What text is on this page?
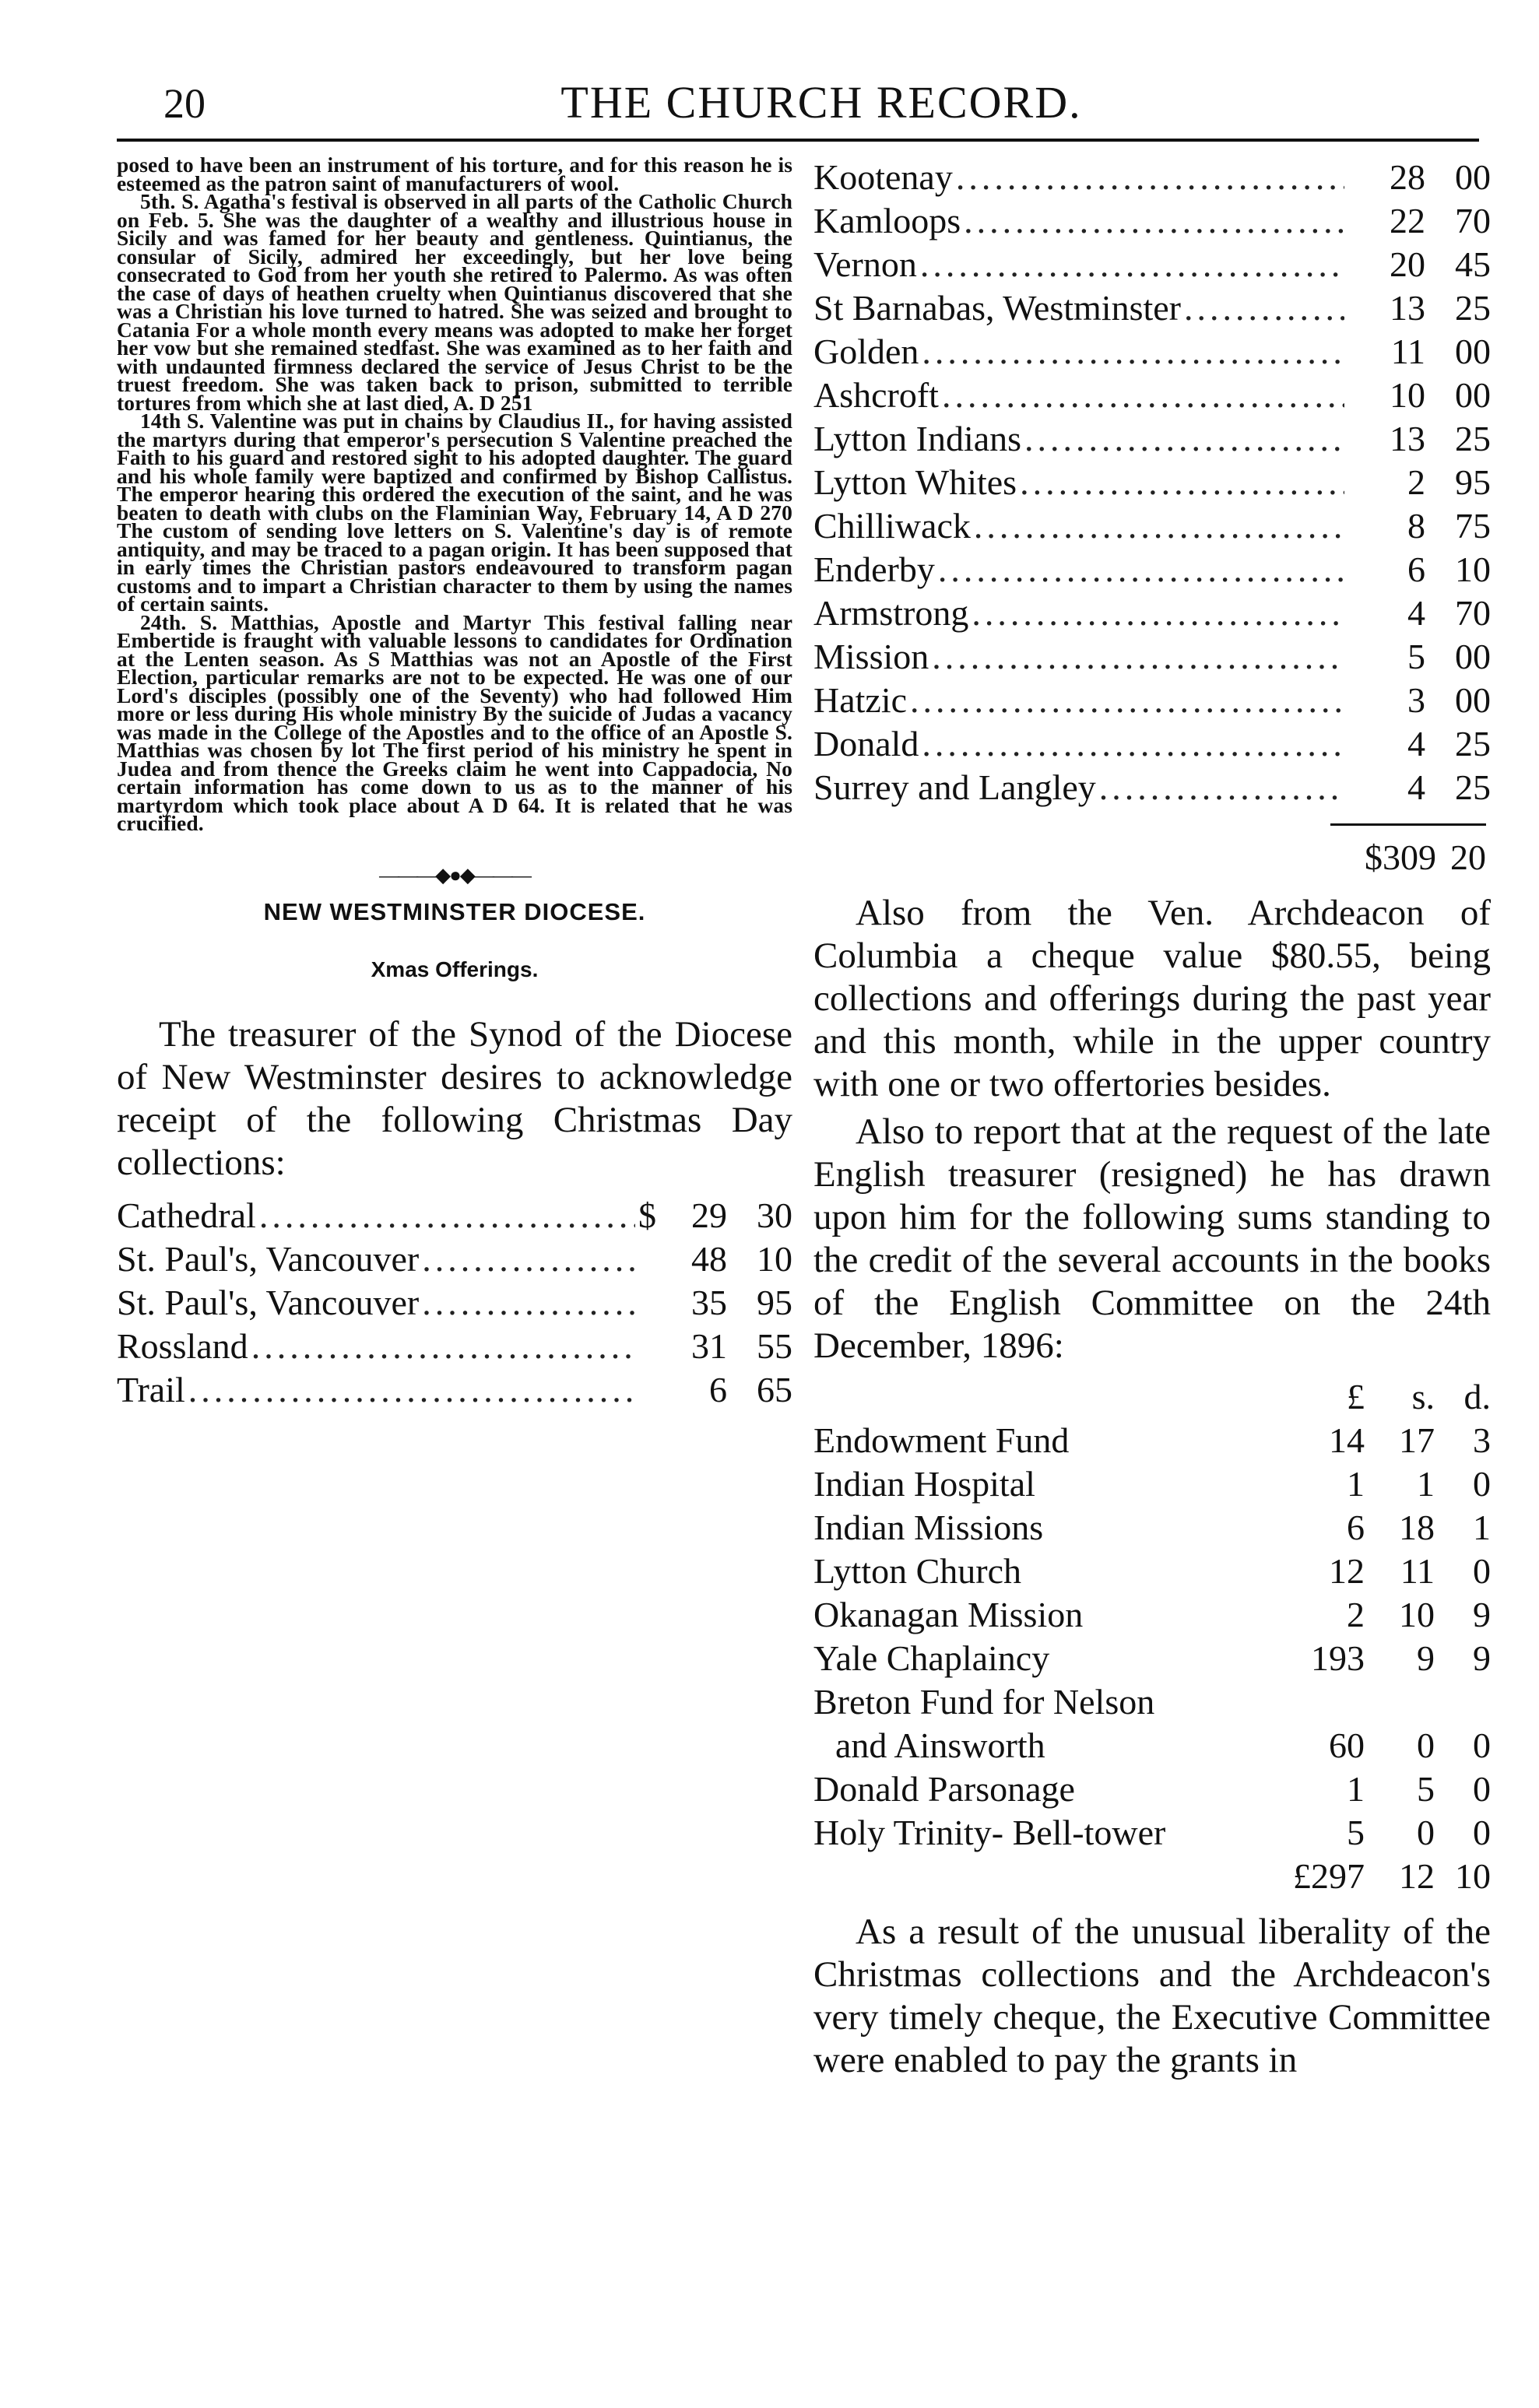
20	THE CHURCH RECORD.

posed to have been an instrument of his torture, and for this reason he is esteemed as the patron saint of manufacturers of wool.

5th. S. Agatha's festival is observed in all parts of the Catholic Church on Feb. 5. She was the daughter of a wealthy and illustrious house in Sicily and was famed for her beauty and gentleness. Quintianus, the consular of Sicily, admired her exceedingly, but her love being consecrated to God from her youth she retired to Palermo. As was often the case of days of heathen cruelty when Quintianus discovered that she was a Christian his love turned to hatred. She was seized and brought to Catania For a whole month every means was adopted to make her forget her vow but she remained stedfast. She was examined as to her faith and with undaunted firmness declared the service of Jesus Christ to be the truest freedom. She was taken back to prison, submitted to terrible tortures from which she at last died, A. D 251

14th S. Valentine was put in chains by Claudius II., for having assisted the martyrs during that emperor's persecution S Valentine preached the Faith to his guard and restored sight to his adopted daughter. The guard and his whole family were baptized and confirmed by Bishop Callistus. The emperor hearing this ordered the execution of the saint, and he was beaten to death with clubs on the Flaminian Way, February 14, A D 270 The custom of sending love letters on S. Valentine's day is of remote antiquity, and may be traced to a pagan origin. It has been supposed that in early times the Christian pastors endeavoured to transform pagan customs and to impart a Christian character to them by using the names of certain saints.

24th. S. Matthias, Apostle and Martyr This festival falling near Embertide is fraught with valuable lessons to candidates for Ordination at the Lenten season. As S Matthias was not an Apostle of the First Election, particular remarks are not to be expected. He was one of our Lord's disciples (possibly one of the Seventy) who had followed Him more or less during His whole ministry By the suicide of Judas a vacancy was made in the College of the Apostles and to the office of an Apostle S. Matthias was chosen by lot The first period of his ministry he spent in Judea and from thence the Greeks claim he went into Cappadocia, No certain information has come down to us as to the manner of his martyrdom which took place about A D 64. It is related that he was crucified.

———◆●◆———
NEW WESTMINSTER DIOCESE.
Xmas Offerings.

The treasurer of the Synod of the Diocese of New Westminster desires to acknowledge receipt of the following Christmas Day collections:

Cathedral .....	$ 29 30
St. Paul's, Vancouver .....	48 10
St. Paul's, Vancouver .....	35 95
Rossland .....	31 55
Trail .....	6 65
Kootenay .....	28 00
Kamloops .....	22 70
Vernon .....	20 45
St Barnabas, Westminster .....	13 25
Golden .....	11 00
Ashcroft .....	10 00
Lytton Indians .....	13 25
Lytton Whites .....	2 95
Chilliwack .....	8 75
Enderby .....	6 10
Armstrong .....	4 70
Mission .....	5 00
Hatzic .....	3 00
Donald .....	4 25
Surrey and Langley .....	4 25
$309 20

Also from the Ven. Archdeacon of Columbia a cheque value $80.55, being collections and offerings during the past year and this month, while in the upper country with one or two offertories besides.

Also to report that at the request of the late English treasurer (resigned) he has drawn upon him for the following sums standing to the credit of the several accounts in the books of the English Committee on the 24th December, 1896:

£	s. d.
Endowment Fund	14 17	3
Indian Hospital	1	1	0
Indian Missions	6 18	1
Lytton Church	12 11	0
Okanagan Mission	2 10	9
Yale Chaplaincy	193	9	9
Breton Fund for Nelson
and Ainsworth	60	0	0
Donald Parsonage	1	5	0
Holy Trinity- Bell-tower	5	0	0
£297 12 10

As a result of the unusual liberality of the Christmas collections and the Archdeacon's very timely cheque, the Executive Committee were enabled to pay the grants in
